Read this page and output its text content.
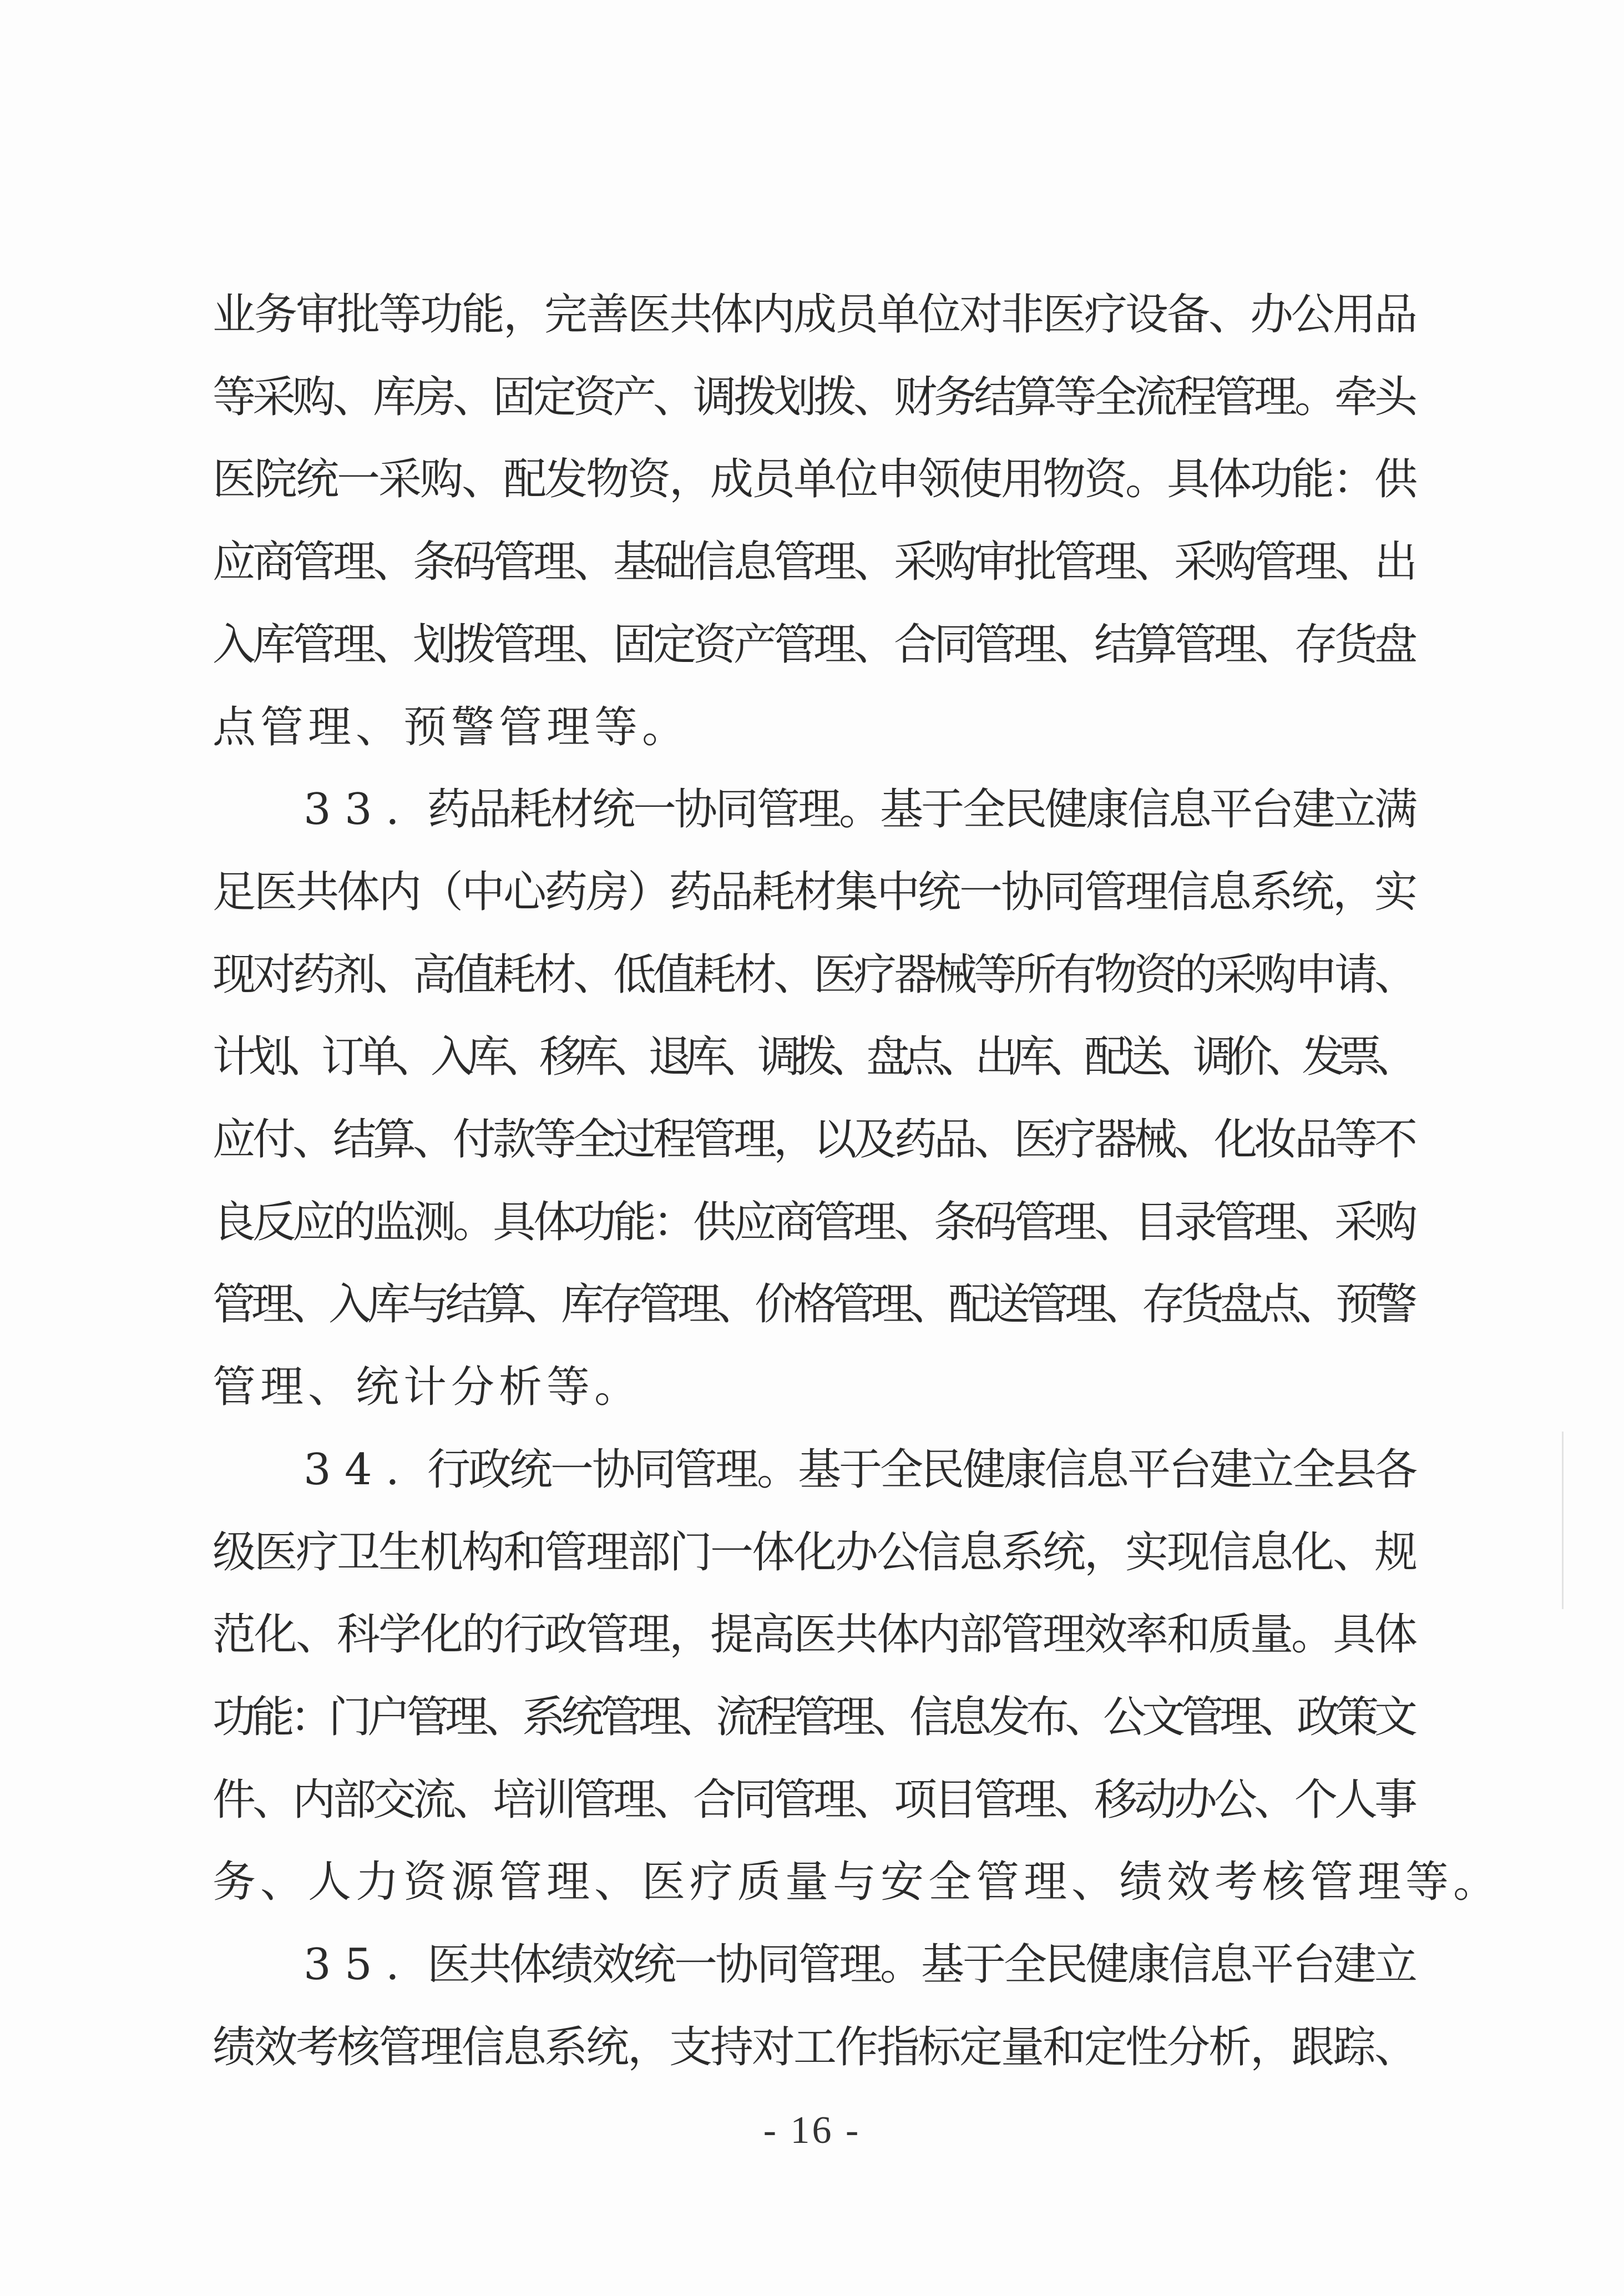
业
务
审
批
等
功
能
，
完
善
医
共
体
内
成
员
单
位
对
非
医
疗
设
备
、
办
公
用
品
等
采
购
、
库
房
、
固
定
资
产
、
调
拨
划
拨
、
财
务
结
算
等
全
流
程
管
理
。
牵
头
医
院
统
一
采
购
、
配
发
物
资
，
成
员
单
位
申
领
使
用
物
资
。
具
体
功
能
：
供
应
商
管
理
、
条
码
管
理
、
基
础
信
息
管
理
、
采
购
审
批
管
理
、
采
购
管
理
、
出
入
库
管
理
、
划
拨
管
理
、
固
定
资
产
管
理
、
合
同
管
理
、
结
算
管
理
、
存
货
盘
点 管 理 、 预 警 管 理 等 。
3 3 . 药
品
耗
材
统
一
协
同
管
理
。
基
于
全
民
健
康
信
息
平
台
建
立
满
足
医
共
体
内
（
中
心
药
房
）
药
品
耗
材
集
中
统
一
协
同
管
理
信
息
系
统
，
实
现
对
药
剂
、
高
值
耗
材
、
低
值
耗
材
、
医
疗
器
械
等
所
有
物
资
的
采
购
申
请
、
计
划
、
订
单
、
入
库
、
移
库
、
退
库
、
调
拨
、
盘
点
、
出
库
、
配
送
、
调
价
、
发
票
、
应
付
、
结
算
、
付
款
等
全
过
程
管
理
，
以
及
药
品
、
医
疗
器
械
、
化
妆
品
等
不
良
反
应
的
监
测
。
具
体
功
能
：
供
应
商
管
理
、
条
码
管
理
、
目
录
管
理
、
采
购
管
理
、
入
库
与
结
算
、
库
存
管
理
、
价
格
管
理
、
配
送
管
理
、
存
货
盘
点
、
预
警
管 理 、 统 计 分 析 等 。
3 4 . 行
政
统
一
协
同
管
理
。
基
于
全
民
健
康
信
息
平
台
建
立
全
县
各
级
医
疗
卫
生
机
构
和
管
理
部
门
一
体
化
办
公
信
息
系
统
，
实
现
信
息
化
、
规
范
化
、
科
学
化
的
行
政
管
理
，
提
高
医
共
体
内
部
管
理
效
率
和
质
量
。
具
体
功
能
：
门
户
管
理
、
系
统
管
理
、
流
程
管
理
、
信
息
发
布
、
公
文
管
理
、
政
策
文
件
、
内
部
交
流
、
培
训
管
理
、
合
同
管
理
、
项
目
管
理
、
移
动
办
公
、
个
人
事
务 、 人 力 资 源 管 理 、 医 疗 质 量 与 安 全 管 理 、 绩 效 考 核 管 理 等 。
3 5 . 医
共
体
绩
效
统
一
协
同
管
理
。
基
于
全
民
健
康
信
息
平
台
建
立
绩
效
考
核
管
理
信
息
系
统
，
支
持
对
工
作
指
标
定
量
和
定
性
分
析
，
跟
踪
、
- 16 -
